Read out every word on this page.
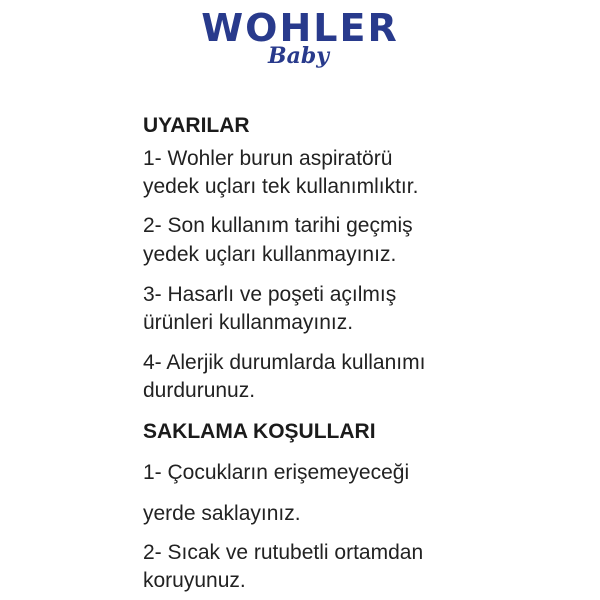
WOHLER
Baby
UYARILAR
1- Wohler burun aspiratörü
yedek uçları tek kullanımlıktır.
2- Son kullanım tarihi geçmiş
yedek uçları kullanmayınız.
3- Hasarlı ve poşeti açılmış
ürünleri kullanmayınız.
4- Alerjik durumlarda kullanımı
durdurunuz.
SAKLAMA KOŞULLARI
1- Çocukların erişemeyeceği
yerde saklayınız.
2- Sıcak ve rutubetli ortamdan
koruyunuz.
